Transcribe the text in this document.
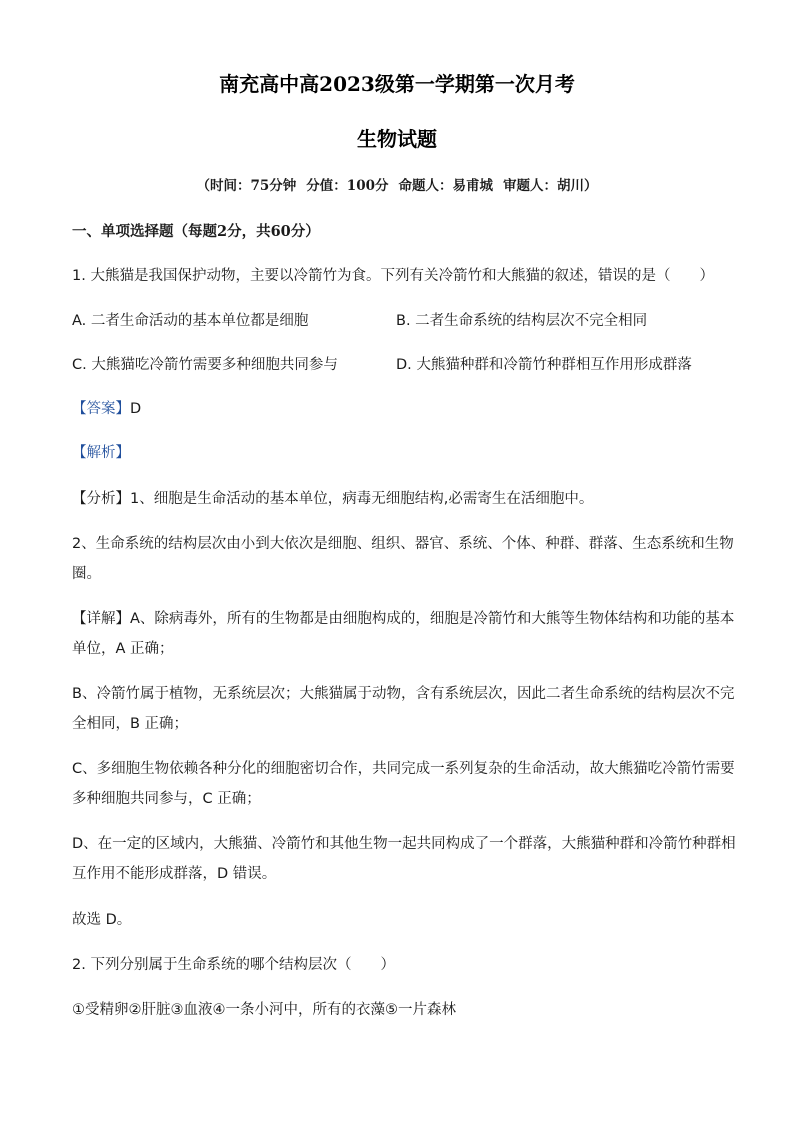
南充高中高2023级第一学期第一次月考
生物试题
（时间：75分钟 分值：100分 命题人：易甫城 审题人：胡川）
一、单项选择题（每题2分，共60分）
1. 大熊猫是我国保护动物，主要以冷箭竹为食。下列有关冷箭竹和大熊猫的叙述，错误的是（　　）
A. 二者生命活动的基本单位都是细胞	B. 二者生命系统的结构层次不完全相同
C. 大熊猫吃冷箭竹需要多种细胞共同参与	D. 大熊猫种群和冷箭竹种群相互作用形成群落
【答案】D
【解析】
【分析】1、细胞是生命活动的基本单位，病毒无细胞结构,必需寄生在活细胞中。
2、生命系统的结构层次由小到大依次是细胞、组织、器官、系统、个体、种群、群落、生态系统和生物
圈。
【详解】A、除病毒外，所有的生物都是由细胞构成的，细胞是冷箭竹和大熊等生物体结构和功能的基本
单位，A 正确；
B、冷箭竹属于植物，无系统层次；大熊猫属于动物，含有系统层次，因此二者生命系统的结构层次不完
全相同，B 正确；
C、多细胞生物依赖各种分化的细胞密切合作，共同完成一系列复杂的生命活动，故大熊猫吃冷箭竹需要
多种细胞共同参与，C 正确；
D、在一定的区域内，大熊猫、冷箭竹和其他生物一起共同构成了一个群落，大熊猫种群和冷箭竹种群相
互作用不能形成群落，D 错误。
故选 D。
2. 下列分别属于生命系统的哪个结构层次（　　）
①受精卵②肝脏③血液④一条小河中，所有的衣藻⑤一片森林
